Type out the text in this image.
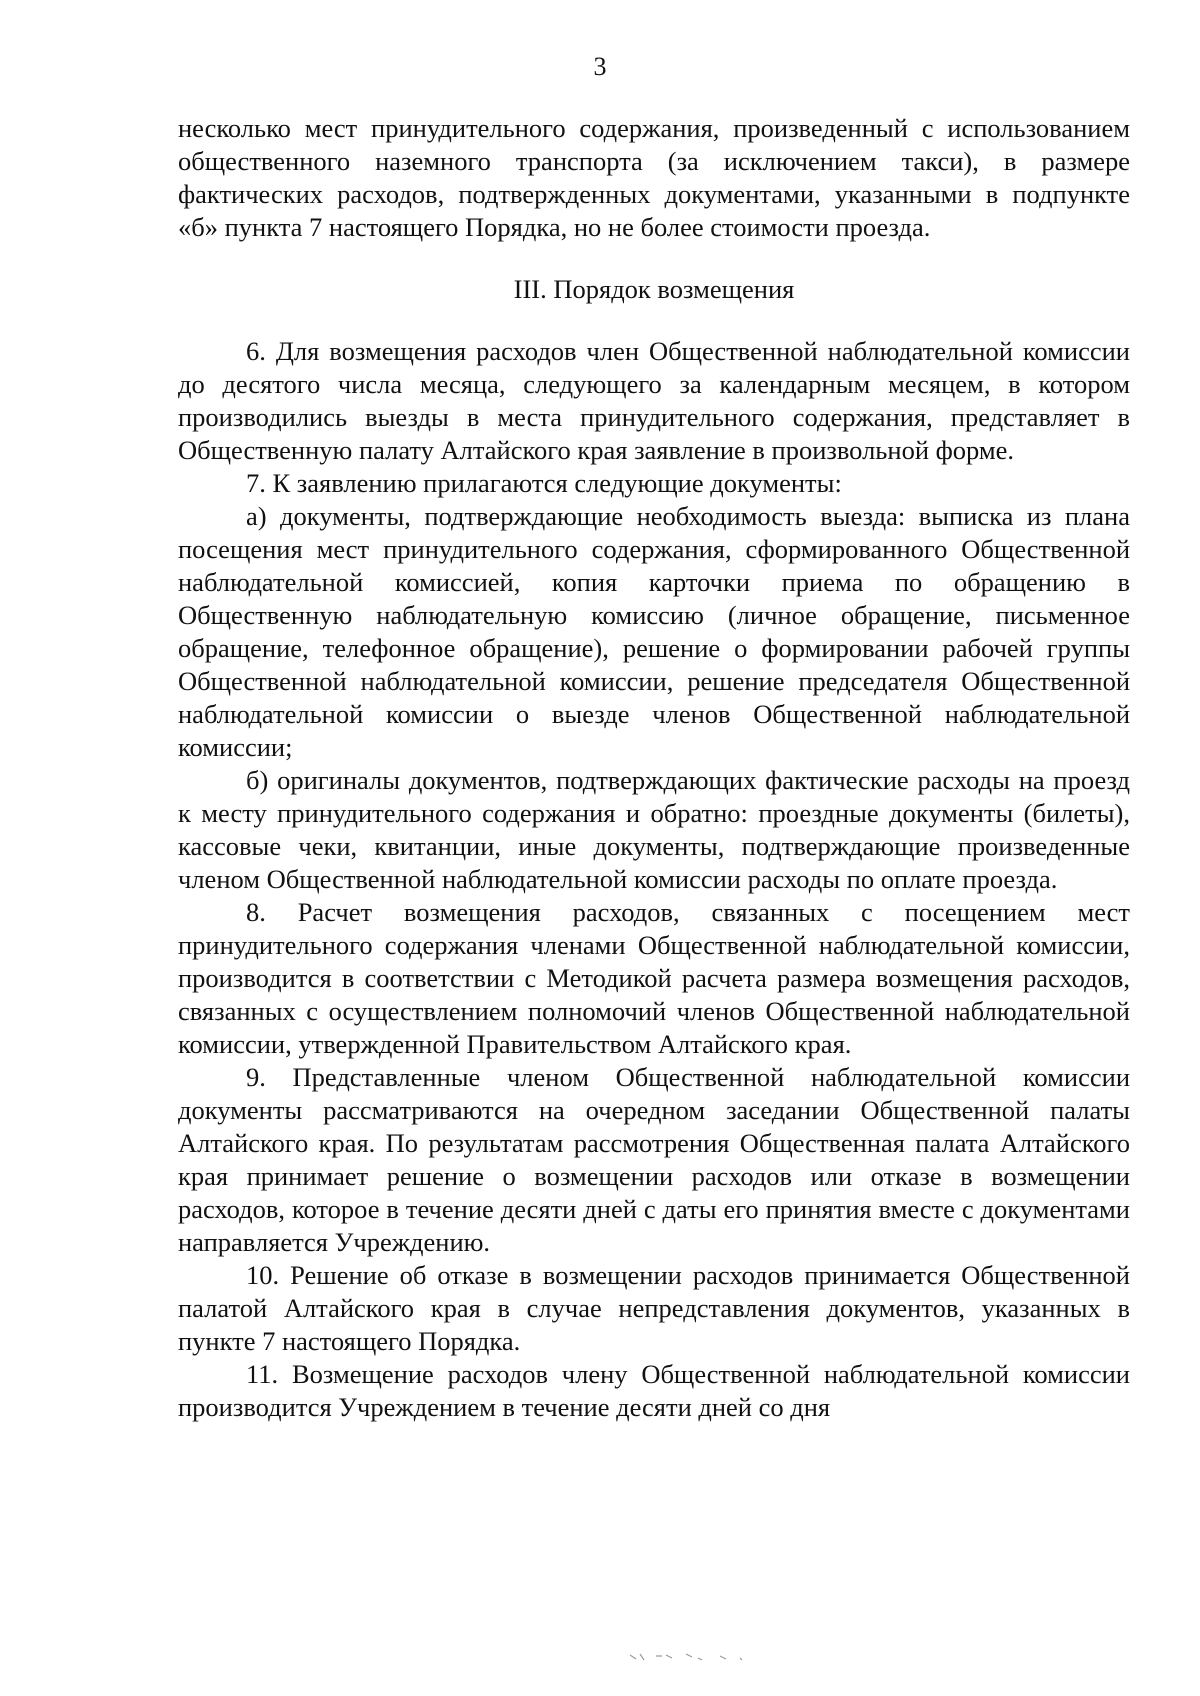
3

несколько мест принудительного содержания, произведенный с использованием общественного наземного транспорта (за исключением такси), в размере фактических расходов, подтвержденных документами, указанными в подпункте «б» пункта 7 настоящего Порядка, но не более стоимости проезда.

III. Порядок возмещения

6. Для возмещения расходов член Общественной наблюдательной комиссии до десятого числа месяца, следующего за календарным месяцем, в котором производились выезды в места принудительного содержания, представляет в Общественную палату Алтайского края заявление в произвольной форме.

7. К заявлению прилагаются следующие документы:

а) документы, подтверждающие необходимость выезда: выписка из плана посещения мест принудительного содержания, сформированного Общественной наблюдательной комиссией, копия карточки приема по обращению в Общественную наблюдательную комиссию (личное обращение, письменное обращение, телефонное обращение), решение о формировании рабочей группы Общественной наблюдательной комиссии, решение председателя Общественной наблюдательной комиссии о выезде членов Общественной наблюдательной комиссии;

б) оригиналы документов, подтверждающих фактические расходы на проезд к месту принудительного содержания и обратно: проездные документы (билеты), кассовые чеки, квитанции, иные документы, подтверждающие произведенные членом Общественной наблюдательной комиссии расходы по оплате проезда.

8. Расчет возмещения расходов, связанных с посещением мест принудительного содержания членами Общественной наблюдательной комиссии, производится в соответствии с Методикой расчета размера возмещения расходов, связанных с осуществлением полномочий членов Общественной наблюдательной комиссии, утвержденной Правительством Алтайского края.

9. Представленные членом Общественной наблюдательной комиссии документы рассматриваются на очередном заседании Общественной палаты Алтайского края. По результатам рассмотрения Общественная палата Алтайского края принимает решение о возмещении расходов или отказе в возмещении расходов, которое в течение десяти дней с даты его принятия вместе с документами направляется Учреждению.

10. Решение об отказе в возмещении расходов принимается Общественной палатой Алтайского края в случае непредставления документов, указанных в пункте 7 настоящего Порядка.

11. Возмещение расходов члену Общественной наблюдательной комиссии производится Учреждением в течение десяти дней со дня
